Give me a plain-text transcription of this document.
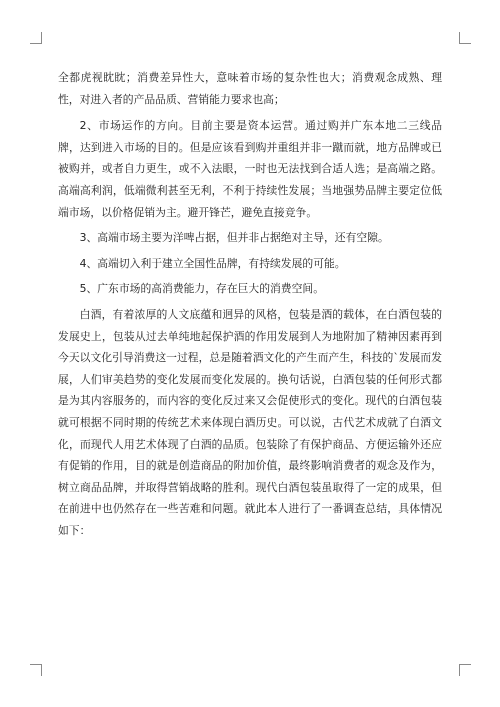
全都虎视眈眈；消费差异性大，意味着市场的复杂性也大；消费观念成熟、理性，对进入者的产品品质、营销能力要求也高；

2、市场运作的方向。目前主要是资本运营。通过购并广东本地二三线品牌，达到进入市场的目的。但是应该看到购并重组并非一蹴而就，地方品牌或已被购并，或者自力更生，或不入法眼，一时也无法找到合适人选；是高端之路。高端高利润，低端微利甚至无利，不利于持续性发展；当地强势品牌主要定位低端市场，以价格促销为主。避开锋芒，避免直接竞争。

3、高端市场主要为洋啤占据，但并非占据绝对主导，还有空隙。

4、高端切入利于建立全国性品牌，有持续发展的可能。

5、广东市场的高消费能力，存在巨大的消费空间。

白酒，有着浓厚的人文底蕴和迥异的风格，包装是酒的载体，在白酒包装的发展史上，包装从过去单纯地起保护酒的作用发展到人为地附加了精神因素再到今天以文化引导消费这一过程，总是随着酒文化的产生而产生，科技的`发展而发展，人们审美趋势的变化发展而变化发展的。换句话说，白酒包装的任何形式都是为其内容服务的，而内容的变化反过来又会促使形式的变化。现代的白酒包装就可根据不同时期的传统艺术来体现白酒历史。可以说，古代艺术成就了白酒文化，而现代人用艺术体现了白酒的品质。包装除了有保护商品、方便运输外还应有促销的作用，目的就是创造商品的附加价值，最终影响消费者的观念及作为，树立商品品牌，并取得营销战略的胜利。现代白酒包装虽取得了一定的成果，但在前进中也仍然存在一些苦难和问题。就此本人进行了一番调查总结，具体情况如下：
